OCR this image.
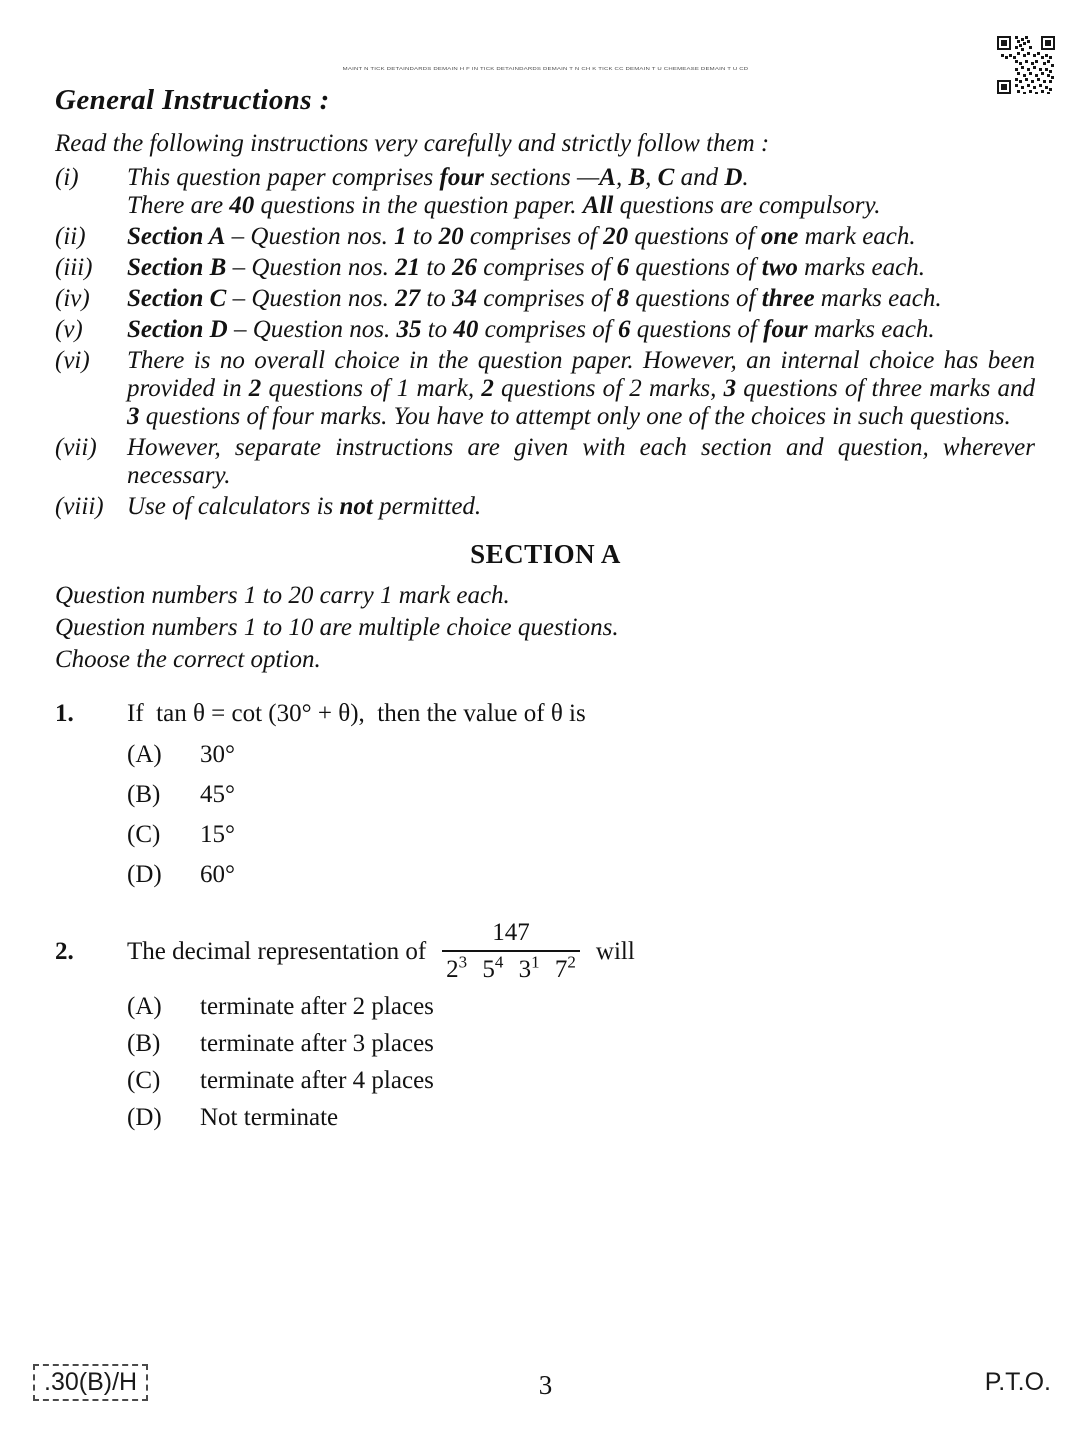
MAINT N TICK DETAINDARDS DEMAIN H F IN TICK DETAINDARDS DEMAIN T N CH K TICK CC DEMAIN T U CHEMEASE DEMAIN T U CD
General Instructions :

Read the following instructions very carefully and strictly follow them :

(i)	This question paper comprises four sections —A, B, C and D.
There are 40 questions in the question paper. All questions are compulsory.
(ii)	Section A – Question nos. 1 to 20 comprises of 20 questions of one mark each.
(iii)	Section B – Question nos. 21 to 26 comprises of 6 questions of two marks each.
(iv)	Section C – Question nos. 27 to 34 comprises of 8 questions of three marks each.
(v)	Section D – Question nos. 35 to 40 comprises of 6 questions of four marks each.
(vi)	There is no overall choice in the question paper. However, an internal choice has been provided in 2 questions of 1 mark, 2 questions of 2 marks, 3 questions of three marks and 3 questions of four marks. You have to attempt only one of the choices in such questions.
(vii)	However, separate instructions are given with each section and question, wherever necessary.
(viii) Use of calculators is not permitted.
SECTION A
Question numbers 1 to 20 carry 1 mark each.
Question numbers 1 to 10 are multiple choice questions.
Choose the correct option.
1.	If  tan θ = cot (30° + θ),  then the value of θ is
(A)	30°
(B)	45°
(C)	15°
(D)	60°
2.	The decimal representation of $\frac{147}{2^3 5^4 3^1 7^2}$ will
(A)	terminate after 2 places
(B)	terminate after 3 places
(C)	terminate after 4 places
(D)	Not terminate
.30(B)/H	3	P.T.O.
